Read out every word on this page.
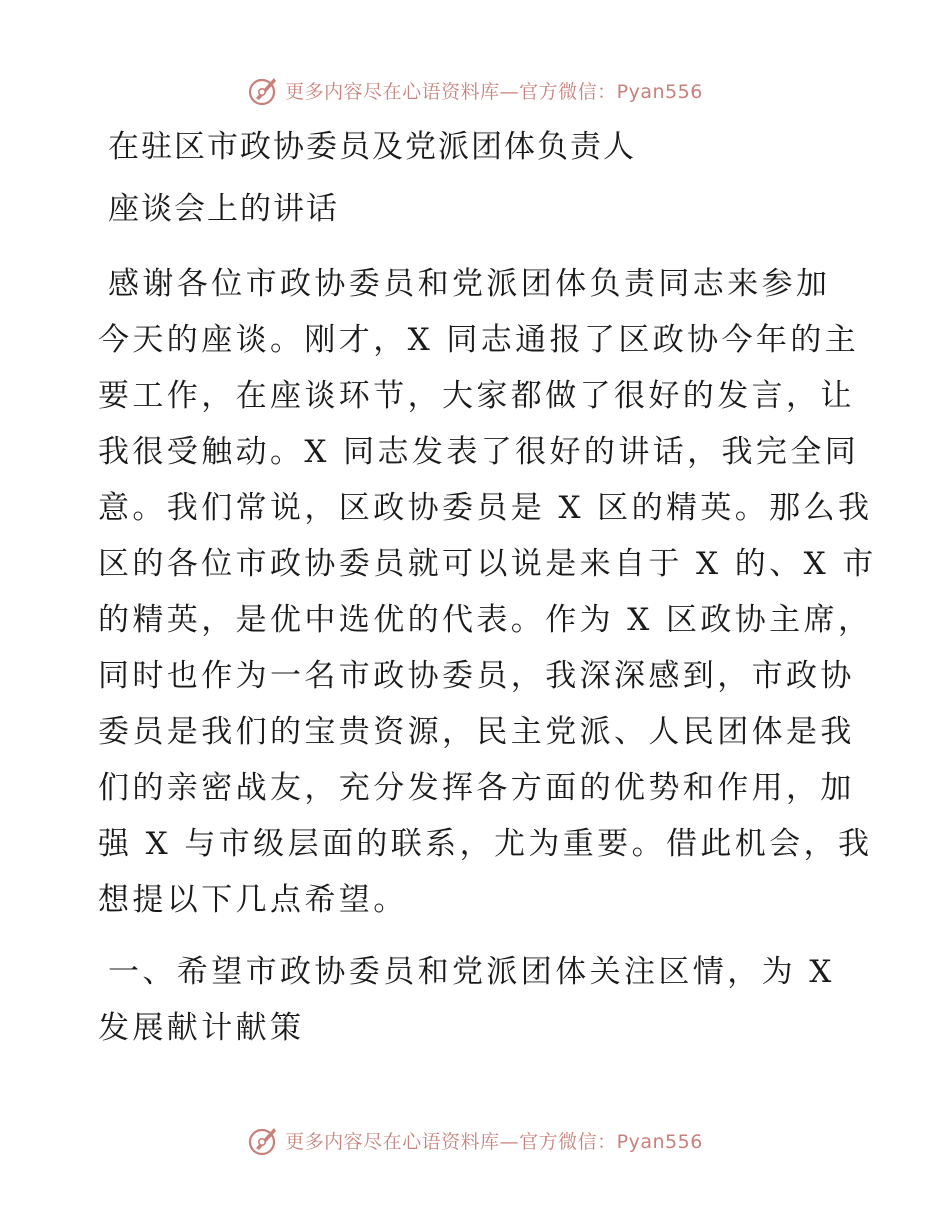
更多内容尽在心语资料库—官方微信：Pyan556

在驻区市政协委员及党派团体负责人

座谈会上的讲话

感谢各位市政协委员和党派团体负责同志来参加
今天的座谈。刚才，X 同志通报了区政协今年的主
要工作，在座谈环节，大家都做了很好的发言，让
我很受触动。X 同志发表了很好的讲话，我完全同
意。我们常说，区政协委员是 X 区的精英。那么我
区的各位市政协委员就可以说是来自于 X 的、X 市
的精英，是优中选优的代表。作为 X 区政协主席，
同时也作为一名市政协委员，我深深感到，市政协
委员是我们的宝贵资源，民主党派、人民团体是我
们的亲密战友，充分发挥各方面的优势和作用，加
强 X 与市级层面的联系，尤为重要。借此机会，我
想提以下几点希望。
一、希望市政协委员和党派团体关注区情，为 X
发展献计献策
更多内容尽在心语资料库—官方微信：Pyan556
